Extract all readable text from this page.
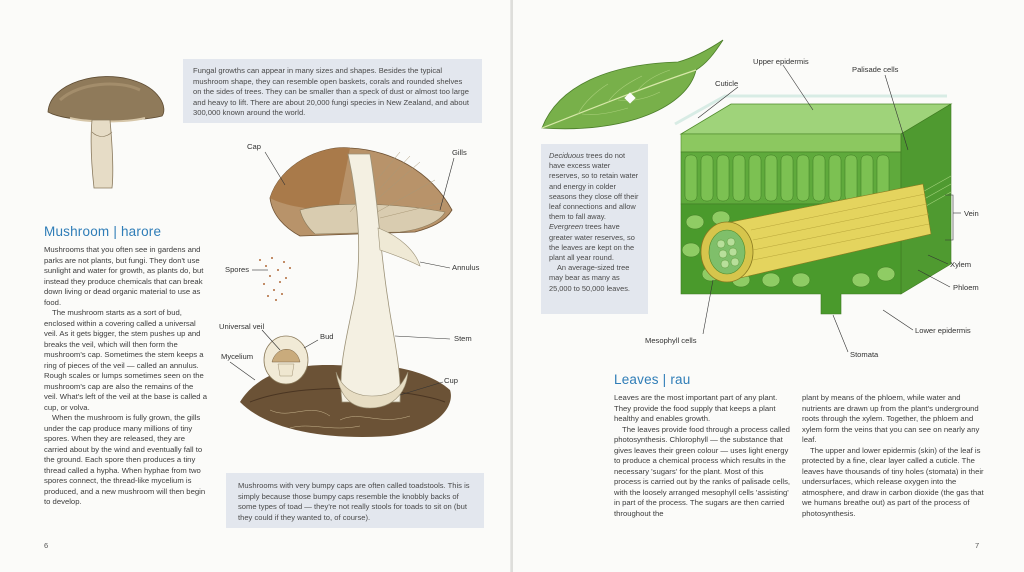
Fungal growths can appear in many sizes and shapes. Besides the typical mushroom shape, they can resemble open baskets, corals and rounded shelves on the sides of trees. They can be smaller than a speck of dust or almost too large and heavy to lift. There are about 20,000 fungi species in New Zealand, and about 300,000 known around the world.
Mushroom | harore

Mushrooms that you often see in gardens and parks are not plants, but fungi. They don't use sunlight and water for growth, as plants do, but instead they produce chemicals that can break down living or dead organic material to use as food.

The mushroom starts as a sort of bud, enclosed within a covering called a universal veil. As it gets bigger, the stem pushes up and breaks the veil, which will then form the mushroom's cap. Sometimes the stem keeps a ring of pieces of the veil — called an annulus. Rough scales or lumps sometimes seen on the mushroom's cap are also the remains of the veil. What's left of the veil at the base is called a cup, or volva.

When the mushroom is fully grown, the gills under the cap produce many millions of tiny spores. When they are released, they are carried about by the wind and eventually fall to the ground. Each spore then produces a tiny thread called a hypha. When hyphae from two spores connect, the thread-like mycelium is produced, and a new mushroom will then begin to develop.

Cap
Gills
Spores	Annulus
Universal veil
Bud	Stem
Mycelium
Cup
Mushrooms with very bumpy caps are often called toadstools. This is simply because those bumpy caps resemble the knobbly backs of some types of toad — they're not really stools for toads to sit on (but they could if they wanted to, of course).
6
Deciduous trees do not have excess water reserves, so to retain water and energy in colder seasons they close off their leaf connections and allow them to fall away.
Evergreen trees have greater water reserves, so the leaves are kept on the plant all year round.
An average-sized tree may bear as many as 25,000 to 50,000 leaves.
Upper epidermis
Palisade cells
Cuticle
Vein
Xylem
Phloem
Lower epidermis
Mesophyll cells
Stomata
Leaves | rau

Leaves are the most important part of any plant. They provide the food supply that keeps a plant healthy and enables growth.

The leaves provide food through a process called photosynthesis. Chlorophyll — the substance that gives leaves their green colour — uses light energy to produce a chemical process which results in the necessary 'sugars' for the plant. Most of this process is carried out by the ranks of palisade cells, with the loosely arranged mesophyll cells 'assisting' in part of the process. The sugars are then carried throughout the

plant by means of the phloem, while water and nutrients are drawn up from the plant's underground roots through the xylem. Together, the phloem and xylem form the veins that you can see on nearly any leaf.

The upper and lower epidermis (skin) of the leaf is protected by a fine, clear layer called a cuticle. The leaves have thousands of tiny holes (stomata) in their undersurfaces, which release oxygen into the atmosphere, and draw in carbon dioxide (the gas that we humans breathe out) as part of the process of photosynthesis.

7
